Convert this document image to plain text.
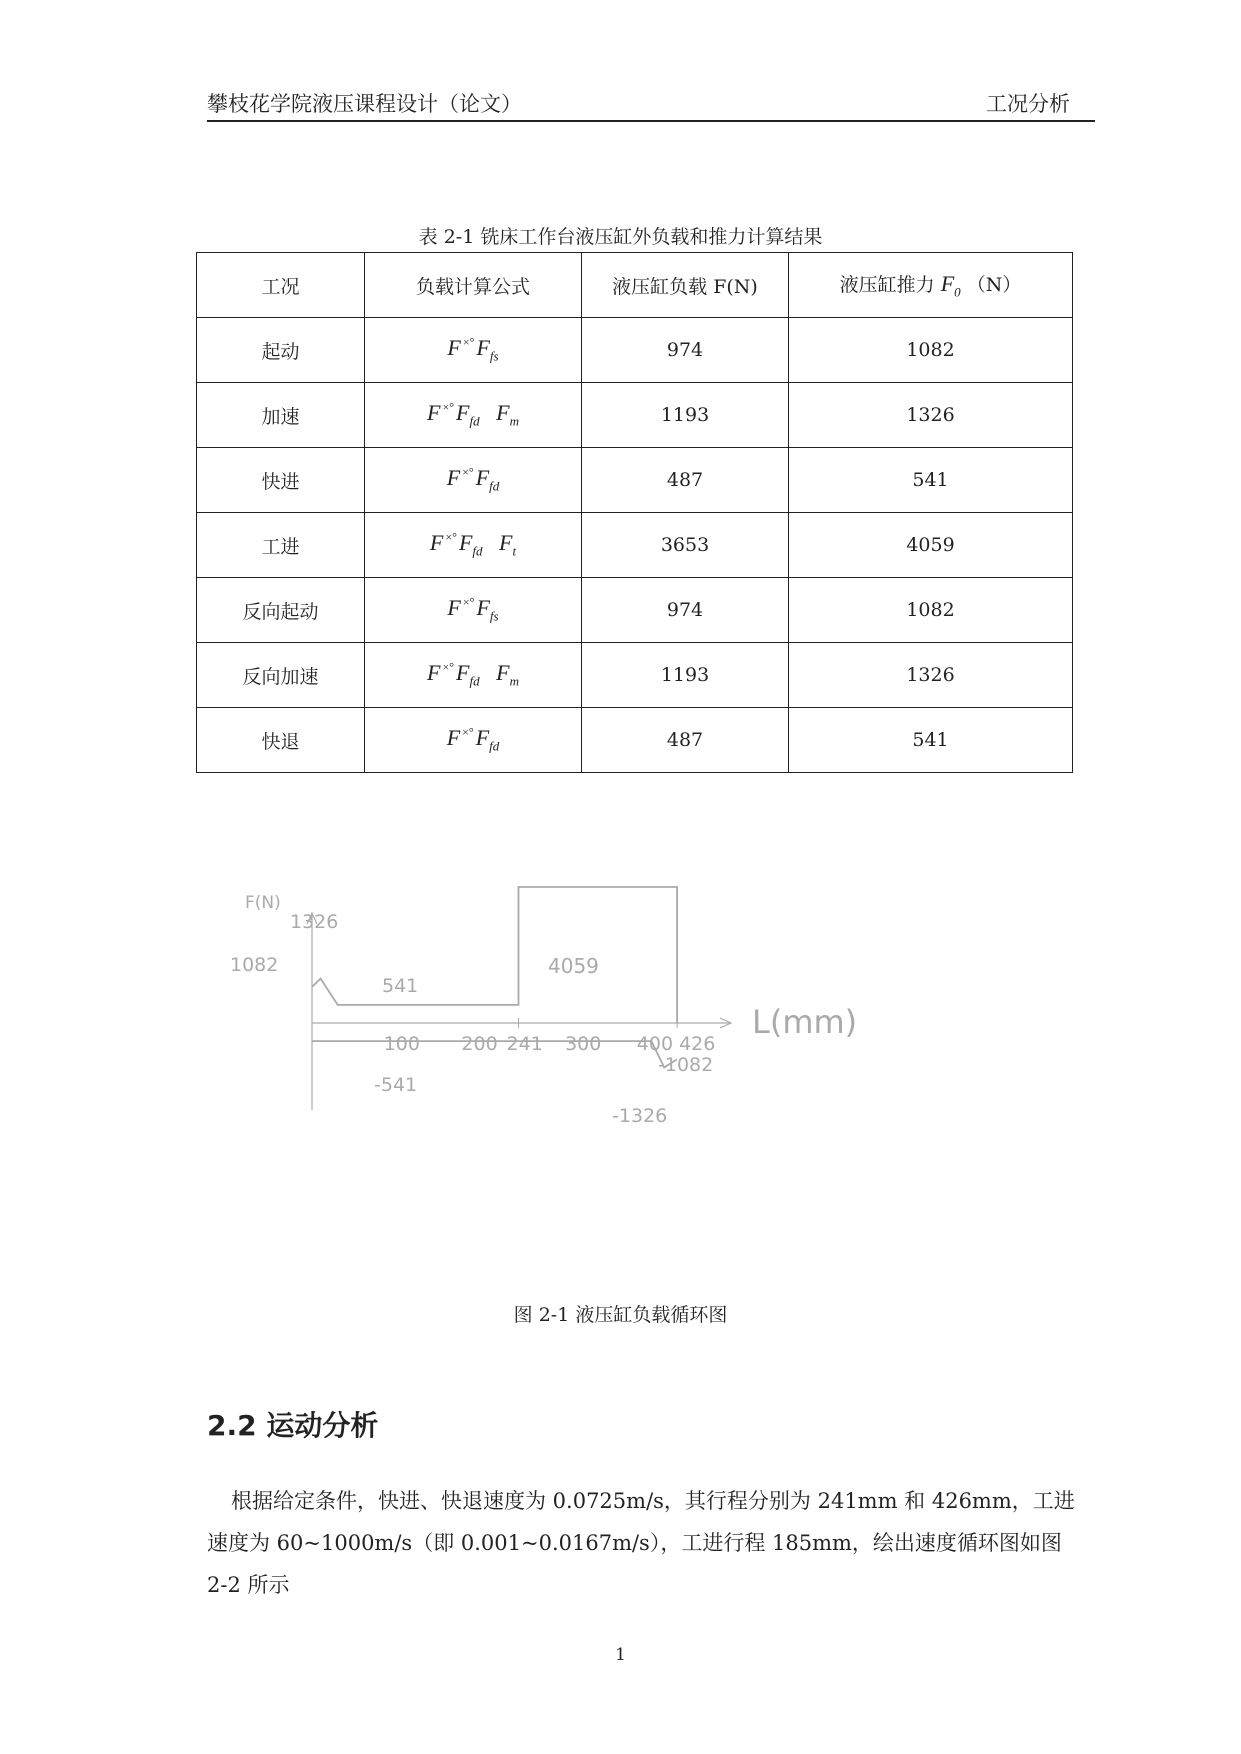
攀枝花学院液压课程设计（论文）	工况分析
表 2-1 铣床工作台液压缸外负载和推力计算结果
工况	负载计算公式	液压缸负载 F(N)	液压缸推力 $F_0$ （N）
起动	F $^{\times^\circ}F_{fs}$	974	1082
加速	F $^{\times^\circ}F_{fd}$ $F_m$	1193	1326
快进	F $^{\times^\circ}F_{fd}$	487	541
工进	F $^{\times^\circ}F_{fd}$ $F_t$	3653	4059
反向起动	F $^{\times^\circ}F_{fs}$	974	1082
反向加速	F $^{\times^\circ}F_{fd}$ $F_m$	1193	1326
快退	F $^{\times^\circ}F_{fd}$	487	541
F(N)
L(mm)
100 200 241 300 400 426
4059
1326
1082
541
-1082
-541
-1326
图 2-1 液压缸负载循环图
2.2 运动分析
根据给定条件，快进、快退速度为 0.0725m/s，其行程分别为 241mm 和 426mm，工进速度为 60~1000m/s（即 0.001~0.0167m/s），工进行程 185mm，绘出速度循环图如图 2-2 所示
1
